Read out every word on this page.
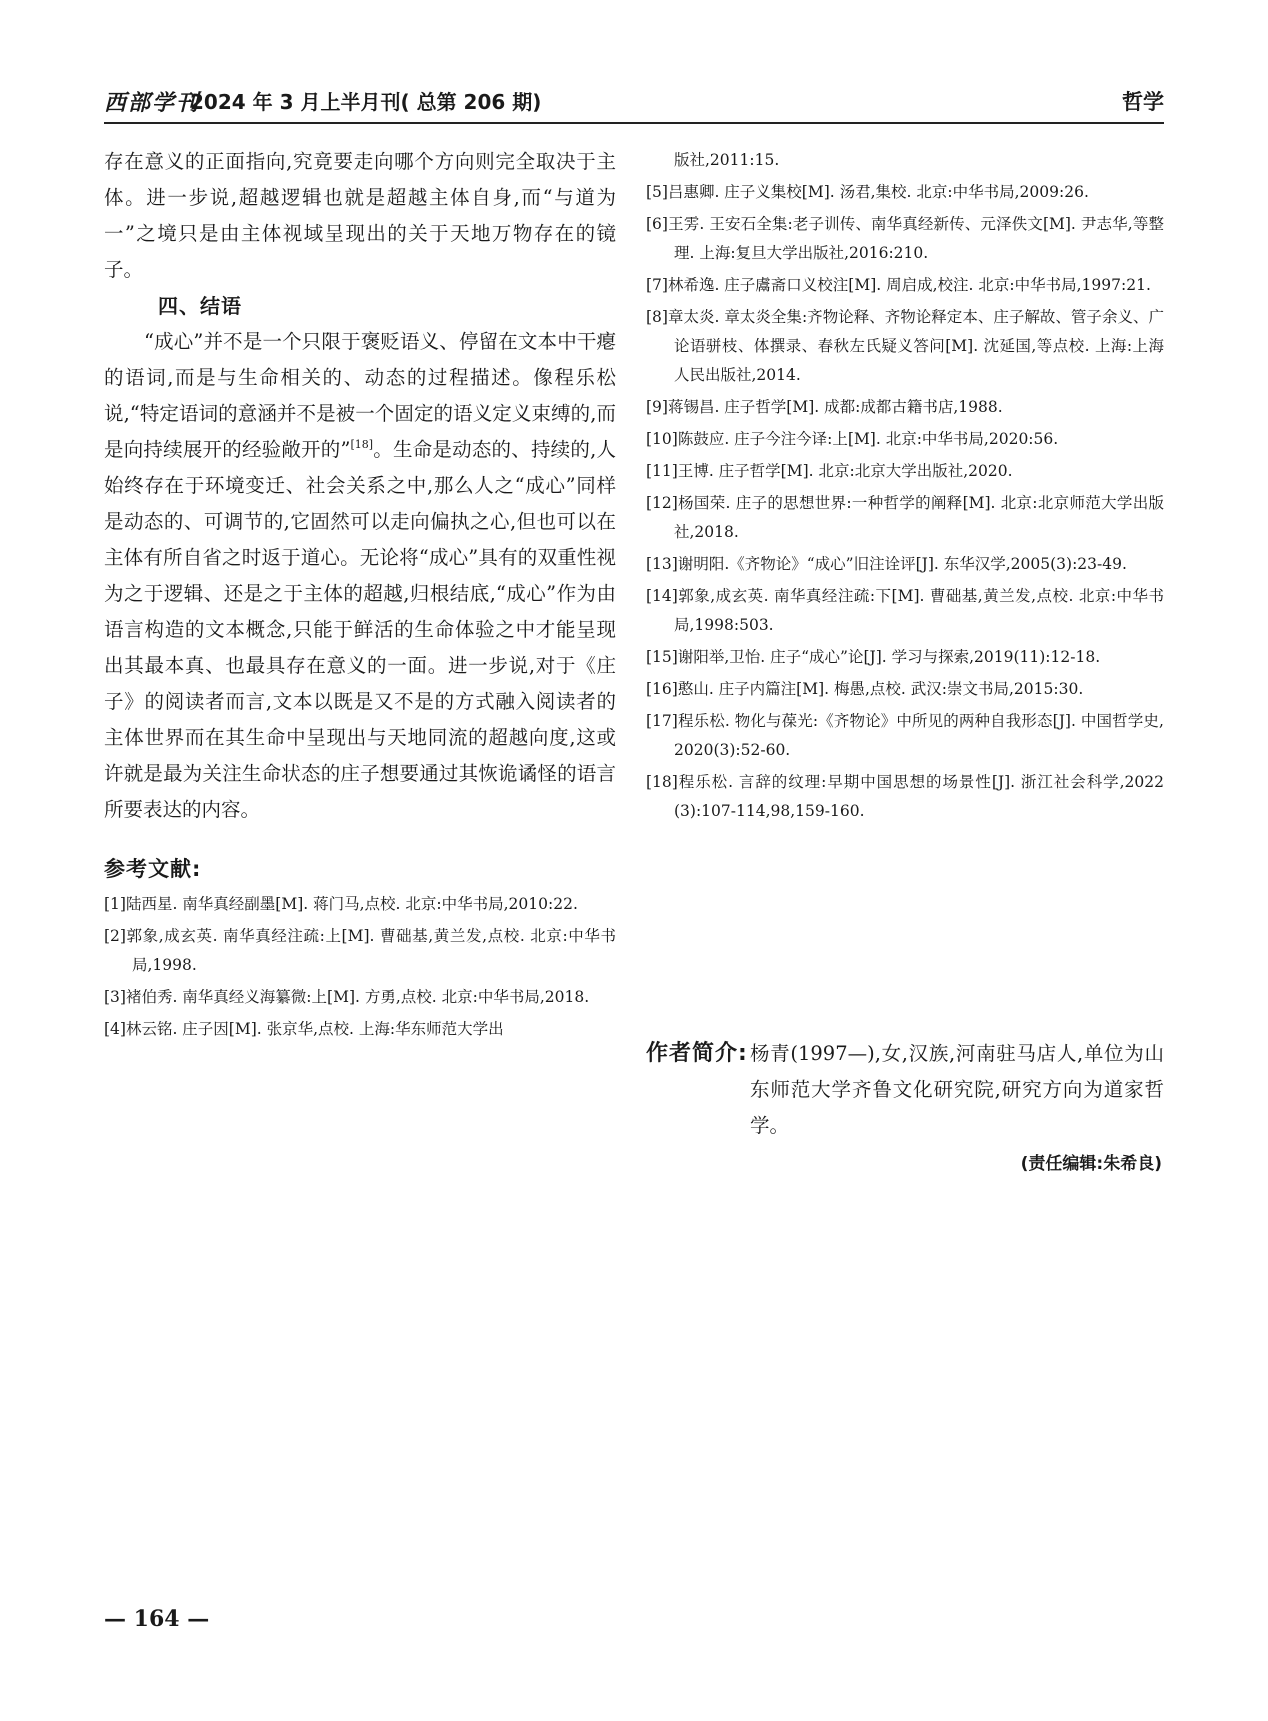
西部学刊
2024 年 3 月上半月刊( 总第 206 期)	哲学

存在意义的正面指向,究竟要走向哪个方向则完全取决于主体。进一步说,超越逻辑也就是超越主体自身,而“与道为一”之境只是由主体视域呈现出的关于天地万物存在的镜子。

四、结语

“成心”并不是一个只限于褒贬语义、停留在文本中干瘪的语词,而是与生命相关的、动态的过程描述。像程乐松说,“特定语词的意涵并不是被一个固定的语义定义束缚的,而是向持续展开的经验敞开的”[18]。生命是动态的、持续的,人始终存在于环境变迁、社会关系之中,那么人之“成心”同样是动态的、可调节的,它固然可以走向偏执之心,但也可以在主体有所自省之时返于道心。无论将“成心”具有的双重性视为之于逻辑、还是之于主体的超越,归根结底,“成心”作为由语言构造的文本概念,只能于鲜活的生命体验之中才能呈现出其最本真、也最具存在意义的一面。进一步说,对于《庄子》的阅读者而言,文本以既是又不是的方式融入阅读者的主体世界而在其生命中呈现出与天地同流的超越向度,这或许就是最为关注生命状态的庄子想要通过其恢诡谲怪的语言所要表达的内容。

参考文献:
[1]陆西星. 南华真经副墨[M]. 蒋门马,点校. 北京:中华书局,2010:22.
[2]郭象,成玄英. 南华真经注疏:上[M]. 曹础基,黄兰发,点校. 北京:中华书局,1998.
[3]褚伯秀. 南华真经义海纂微:上[M]. 方勇,点校. 北京:中华书局,2018.
[4]林云铭. 庄子因[M]. 张京华,点校. 上海:华东师范大学出
版社,2011:15.
[5]吕惠卿. 庄子义集校[M]. 汤君,集校. 北京:中华书局,2009:26.
[6]王雱. 王安石全集:老子训传、南华真经新传、元泽佚文[M]. 尹志华,等整理. 上海:复旦大学出版社,2016:210.
[7]林希逸. 庄子鬳斋口义校注[M]. 周启成,校注. 北京:中华书局,1997:21.
[8]章太炎. 章太炎全集:齐物论释、齐物论释定本、庄子解故、管子余义、广论语骈枝、体撰录、春秋左氏疑义答问[M]. 沈延国,等点校. 上海:上海人民出版社,2014.
[9]蒋锡昌. 庄子哲学[M]. 成都:成都古籍书店,1988.
[10]陈鼓应. 庄子今注今译:上[M]. 北京:中华书局,2020:56.
[11]王博. 庄子哲学[M]. 北京:北京大学出版社,2020.
[12]杨国荣. 庄子的思想世界:一种哲学的阐释[M]. 北京:北京师范大学出版社,2018.
[13]谢明阳.《齐物论》“成心”旧注诠评[J]. 东华汉学,2005(3):23-49.
[14]郭象,成玄英. 南华真经注疏:下[M]. 曹础基,黄兰发,点校. 北京:中华书局,1998:503.
[15]谢阳举,卫怡. 庄子“成心”论[J]. 学习与探索,2019(11):12-18.
[16]憨山. 庄子内篇注[M]. 梅愚,点校. 武汉:崇文书局,2015:30.
[17]程乐松. 物化与葆光:《齐物论》中所见的两种自我形态[J]. 中国哲学史,2020(3):52-60.
[18]程乐松. 言辞的纹理:早期中国思想的场景性[J]. 浙江社会科学,2022(3):107-114,98,159-160.
作者简介: 杨青(1997—),女,汉族,河南驻马店人,单位为山东师范大学齐鲁文化研究院,研究方向为道家哲学。
(责任编辑:朱希良)
— 164 —
